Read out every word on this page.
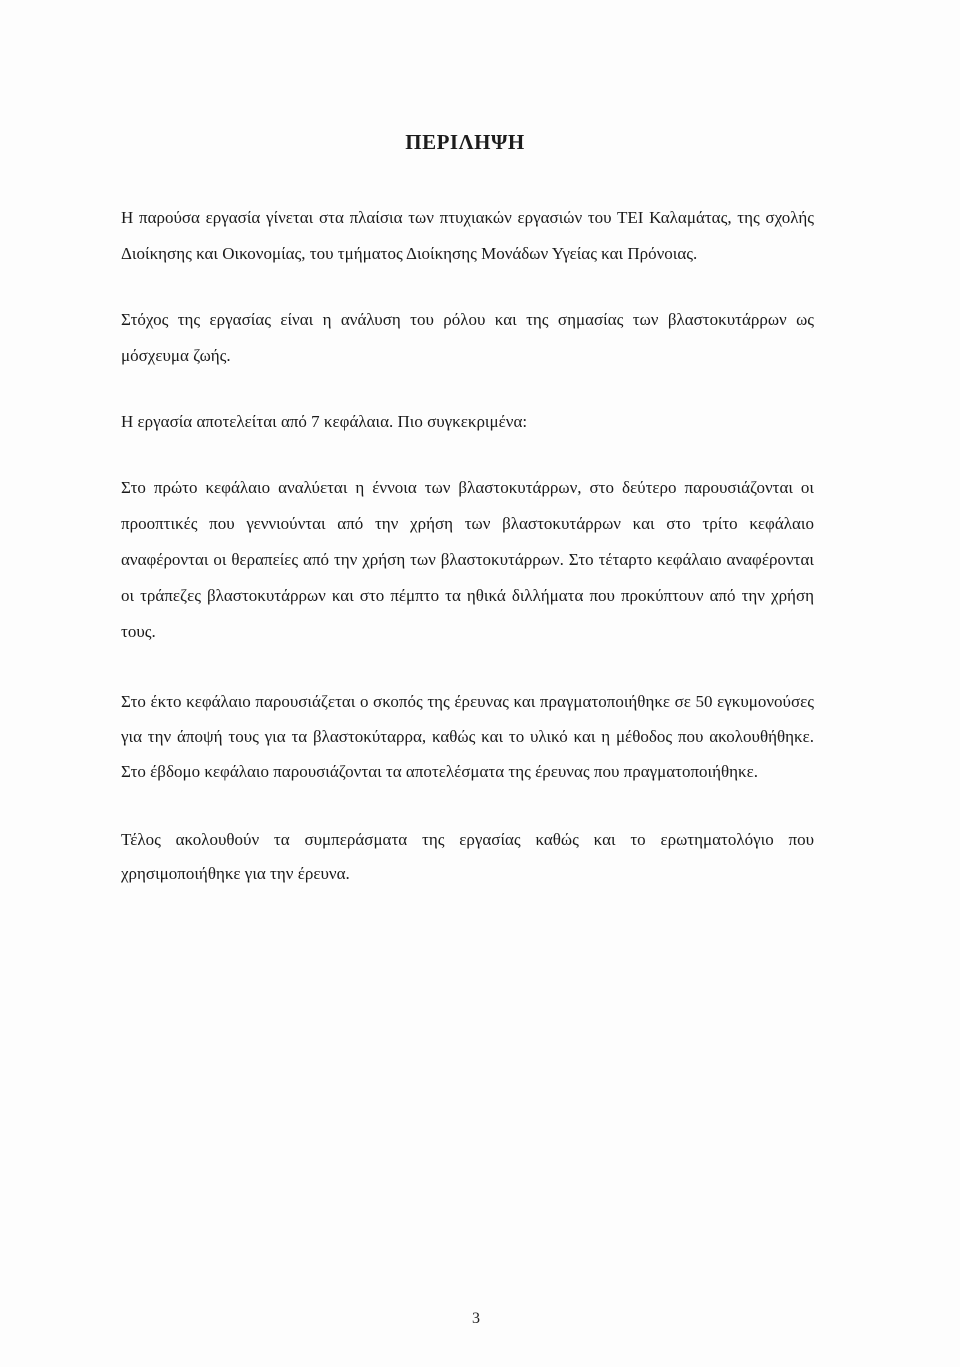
ΠΕΡΙΛΗΨΗ

Η παρούσα εργασία γίνεται στα πλαίσια των πτυχιακών εργασιών του ΤΕΙ Καλαμάτας, της σχολής Διοίκησης και Οικονομίας, του τμήματος Διοίκησης Μονάδων Υγείας και Πρόνοιας.

Στόχος της εργασίας είναι η ανάλυση του ρόλου και της σημασίας των βλαστοκυτάρρων ως μόσχευμα ζωής.

Η εργασία αποτελείται από 7 κεφάλαια. Πιο συγκεκριμένα:

Στο πρώτο κεφάλαιο αναλύεται η έννοια των βλαστοκυτάρρων, στο δεύτερο παρουσιάζονται οι προοπτικές που γεννιούνται από την χρήση των βλαστοκυτάρρων και στο τρίτο κεφάλαιο αναφέρονται οι θεραπείες από την χρήση των βλαστοκυτάρρων. Στο τέταρτο κεφάλαιο αναφέρονται οι τράπεζες βλαστοκυτάρρων και στο πέμπτο τα ηθικά διλλήματα που προκύπτουν από την χρήση τους.

Στο έκτο κεφάλαιο παρουσιάζεται ο σκοπός της έρευνας και πραγματοποιήθηκε σε 50 εγκυμονούσες για την άποψή τους για τα βλαστοκύταρρα, καθώς και το υλικό και η μέθοδος που ακολουθήθηκε. Στο έβδομο κεφάλαιο παρουσιάζονται τα αποτελέσματα της έρευνας που πραγματοποιήθηκε.

Τέλος ακολουθούν τα συμπεράσματα της εργασίας καθώς και το ερωτηματολόγιο που χρησιμοποιήθηκε για την έρευνα.

3
